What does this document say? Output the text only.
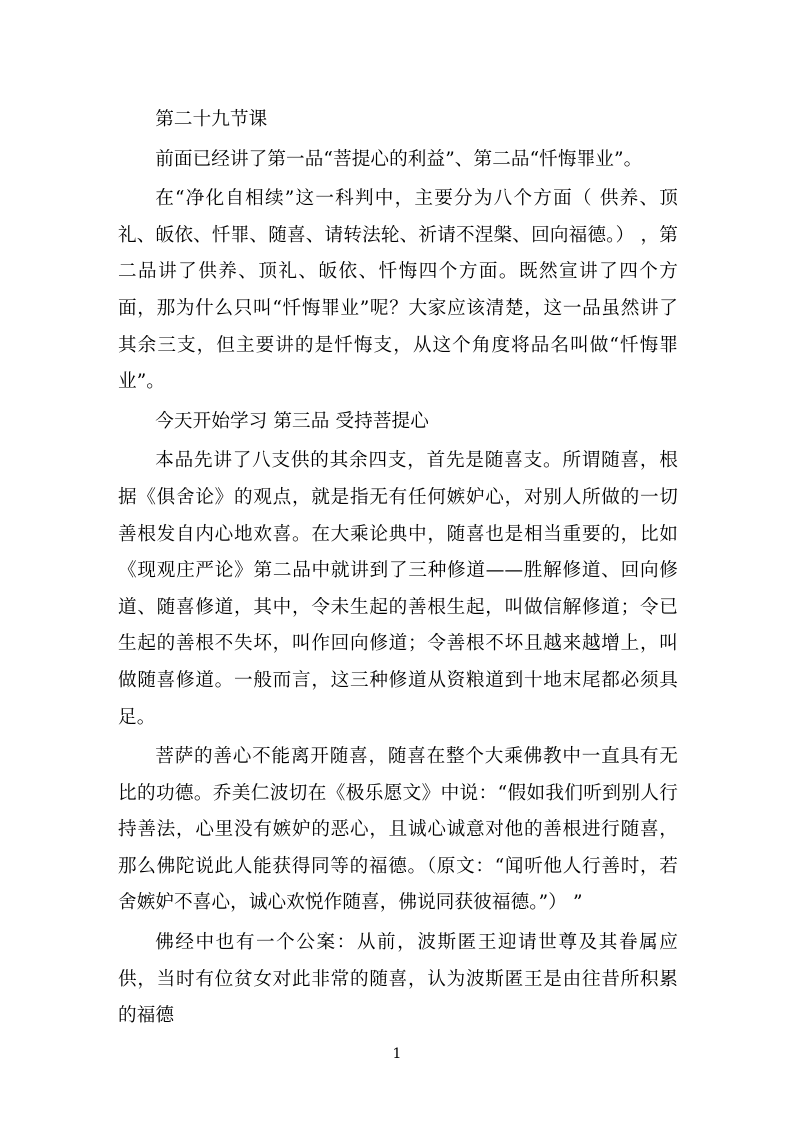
第二十九节课

前面已经讲了第一品“菩提心的利益”、第二品“忏悔罪业”。

在“净化自相续”这一科判中，主要分为八个方面（ 供养、顶礼、皈依、忏罪、随喜、请转法轮、祈请不涅槃、回向福德。） ，第二品讲了供养、顶礼、皈依、忏悔四个方面。既然宣讲了四个方面，那为什么只叫“忏悔罪业”呢？大家应该清楚，这一品虽然讲了其余三支，但主要讲的是忏悔支，从这个角度将品名叫做“忏悔罪业”。

今天开始学习 第三品 受持菩提心

本品先讲了八支供的其余四支，首先是随喜支。所谓随喜，根据《俱舍论》的观点，就是指无有任何嫉妒心，对别人所做的一切善根发自内心地欢喜。在大乘论典中，随喜也是相当重要的，比如《现观庄严论》第二品中就讲到了三种修道——胜解修道、回向修道、随喜修道，其中，令未生起的善根生起，叫做信解修道；令已生起的善根不失坏，叫作回向修道；令善根不坏且越来越增上，叫做随喜修道。一般而言，这三种修道从资粮道到十地末尾都必须具足。

菩萨的善心不能离开随喜，随喜在整个大乘佛教中一直具有无比的功德。乔美仁波切在《极乐愿文》中说：“假如我们听到别人行持善法，心里没有嫉妒的恶心，且诚心诚意对他的善根进行随喜，那么佛陀说此人能获得同等的福德。（原文：“闻听他人行善时，若舍嫉妒不喜心，诚心欢悦作随喜，佛说同获彼福德。”） ”

佛经中也有一个公案：从前，波斯匿王迎请世尊及其眷属应供，当时有位贫女对此非常的随喜，认为波斯匿王是由往昔所积累的福德

1
